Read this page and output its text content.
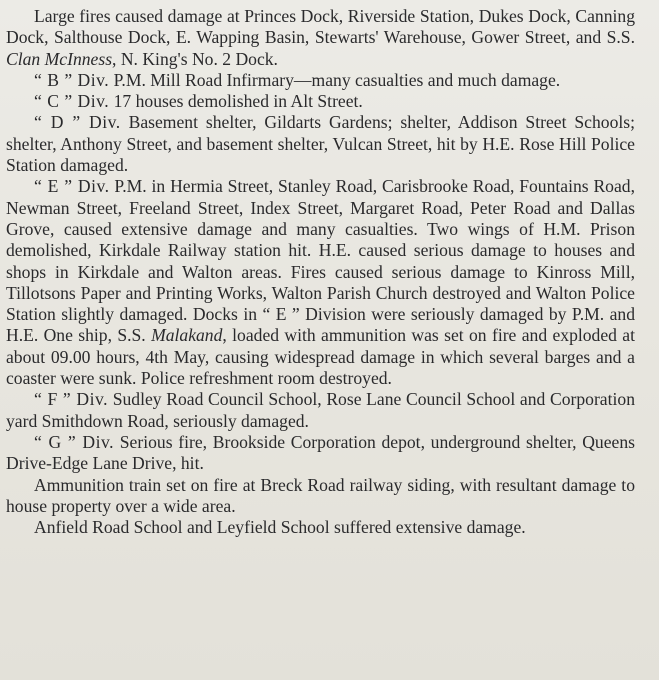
Large fires caused damage at Princes Dock, Riverside Station, Dukes Dock, Canning Dock, Salthouse Dock, E. Wapping Basin, Stewarts' Warehouse, Gower Street, and S.S. Clan McInness, N. King's No. 2 Dock.

“ B ” Div. P.M. Mill Road Infirmary—many casualties and much damage.

“ C ” Div. 17 houses demolished in Alt Street.

“ D ” Div. Basement shelter, Gildarts Gardens; shelter, Addison Street Schools; shelter, Anthony Street, and basement shelter, Vulcan Street, hit by H.E. Rose Hill Police Station damaged.

“ E ” Div. P.M. in Hermia Street, Stanley Road, Carisbrooke Road, Fountains Road, Newman Street, Freeland Street, Index Street, Margaret Road, Peter Road and Dallas Grove, caused extensive damage and many casualties. Two wings of H.M. Prison demolished, Kirkdale Railway station hit. H.E. caused serious damage to houses and shops in Kirkdale and Walton areas. Fires caused serious damage to Kinross Mill, Tillotsons Paper and Printing Works, Walton Parish Church destroyed and Walton Police Station slightly damaged. Docks in “ E ” Division were seriously damaged by P.M. and H.E. One ship, S.S. Malakand, loaded with ammunition was set on fire and exploded at about 09.00 hours, 4th May, causing widespread damage in which several barges and a coaster were sunk. Police refreshment room destroyed.

“ F ” Div. Sudley Road Council School, Rose Lane Council School and Corporation yard Smithdown Road, seriously damaged.

“ G ” Div. Serious fire, Brookside Corporation depot, underground shelter, Queens Drive-Edge Lane Drive, hit.

Ammunition train set on fire at Breck Road railway siding, with resultant damage to house property over a wide area.

Anfield Road School and Leyfield School suffered extensive damage.
